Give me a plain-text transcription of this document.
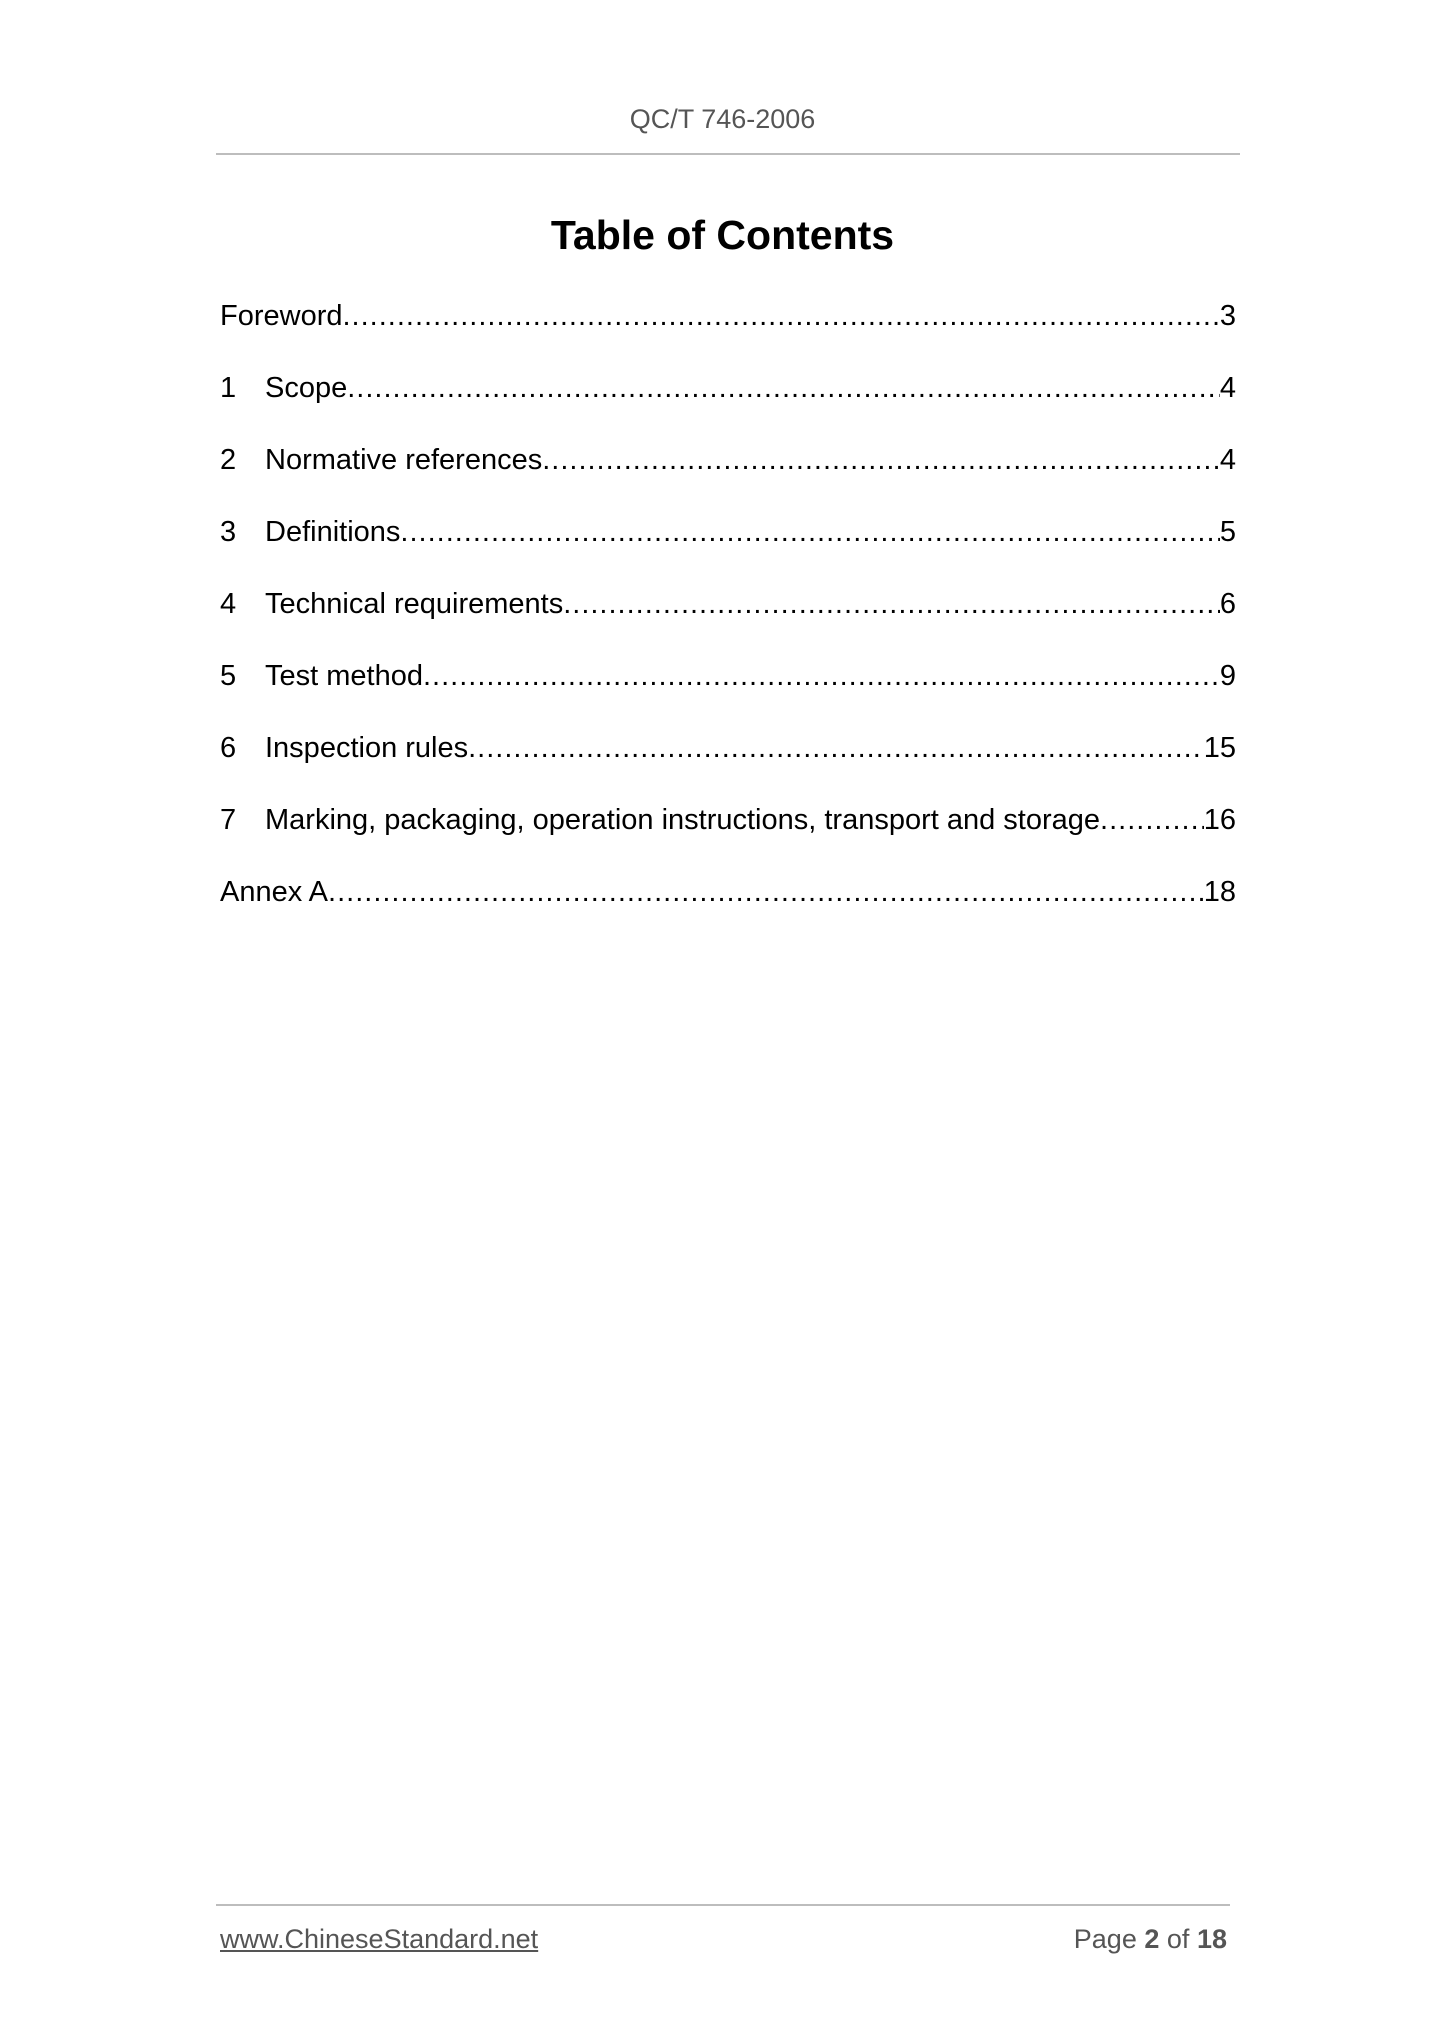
QC/T 746-2006
Table of Contents
Foreword .....	3
1 Scope .....	4
2 Normative references .....	4
3 Definitions .....	5
4 Technical requirements .....	6
5 Test method .....	9
6 Inspection rules .....	15
7 Marking, packaging, operation instructions, transport and storage .....	16
Annex A .....	18
www.ChineseStandard.net	Page 2 of 18
